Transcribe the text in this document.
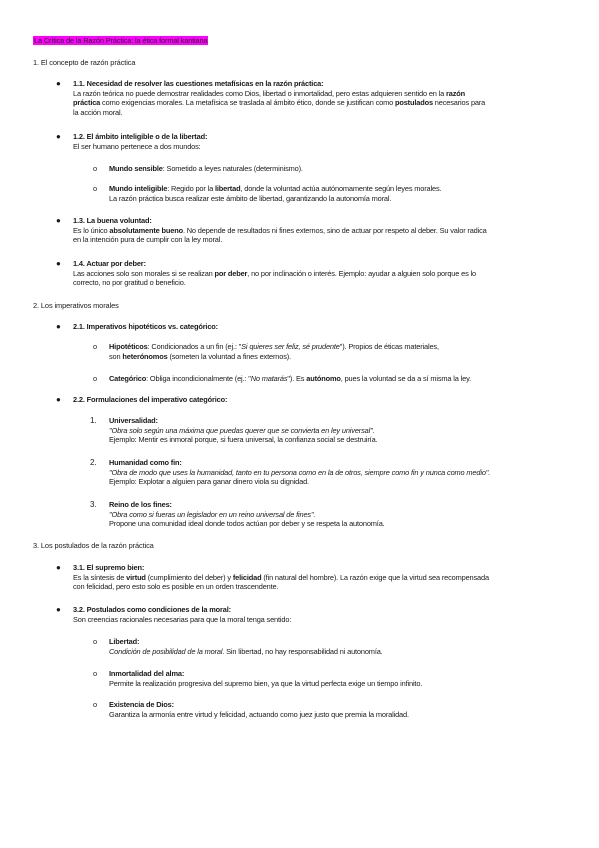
La Crítica de la Razón Práctica: la ética formal kantiana
1. El concepto de razón práctica
● 1.1. Necesidad de resolver las cuestiones metafísicas en la razón práctica:
La razón teórica no puede demostrar realidades como Dios, libertad o inmortalidad, pero estas adquieren sentido en la razón
práctica como exigencias morales. La metafísica se traslada al ámbito ético, donde se justifican como postulados necesarios para
la acción moral.
● 1.2. El ámbito inteligible o de la libertad:
El ser humano pertenece a dos mundos:
o Mundo sensible: Sometido a leyes naturales (determinismo).
o Mundo inteligible: Regido por la libertad, donde la voluntad actúa autónomamente según leyes morales.
La razón práctica busca realizar este ámbito de libertad, garantizando la autonomía moral.
● 1.3. La buena voluntad:
Es lo único absolutamente bueno. No depende de resultados ni fines externos, sino de actuar por respeto al deber. Su valor radica
en la intención pura de cumplir con la ley moral.
● 1.4. Actuar por deber:
Las acciones solo son morales si se realizan por deber, no por inclinación o interés. Ejemplo: ayudar a alguien solo porque es lo
correcto, no por gratitud o beneficio.
2. Los imperativos morales
● 2.1. Imperativos hipotéticos vs. categórico:
o Hipotéticos: Condicionados a un fin (ej.: "Si quieres ser feliz, sé prudente"). Propios de éticas materiales,
son heterónomos (someten la voluntad a fines externos).
o Categórico: Obliga incondicionalmente (ej.: "No matarás"). Es autónomo, pues la voluntad se da a sí misma la ley.
● 2.2. Formulaciones del imperativo categórico:
1. Universalidad:
"Obra solo según una máxima que puedas querer que se convierta en ley universal".
Ejemplo: Mentir es inmoral porque, si fuera universal, la confianza social se destruiría.
2. Humanidad como fin:
"Obra de modo que uses la humanidad, tanto en tu persona como en la de otros, siempre como fin y nunca como medio".
Ejemplo: Explotar a alguien para ganar dinero viola su dignidad.
3. Reino de los fines:
"Obra como si fueras un legislador en un reino universal de fines".
Propone una comunidad ideal donde todos actúan por deber y se respeta la autonomía.
3. Los postulados de la razón práctica
● 3.1. El supremo bien:
Es la síntesis de virtud (cumplimiento del deber) y felicidad (fin natural del hombre). La razón exige que la virtud sea recompensada
con felicidad, pero esto solo es posible en un orden trascendente.
● 3.2. Postulados como condiciones de la moral:
Son creencias racionales necesarias para que la moral tenga sentido:
o Libertad:
Condición de posibilidad de la moral. Sin libertad, no hay responsabilidad ni autonomía.
o Inmortalidad del alma:
Permite la realización progresiva del supremo bien, ya que la virtud perfecta exige un tiempo infinito.
o Existencia de Dios:
Garantiza la armonía entre virtud y felicidad, actuando como juez justo que premia la moralidad.
